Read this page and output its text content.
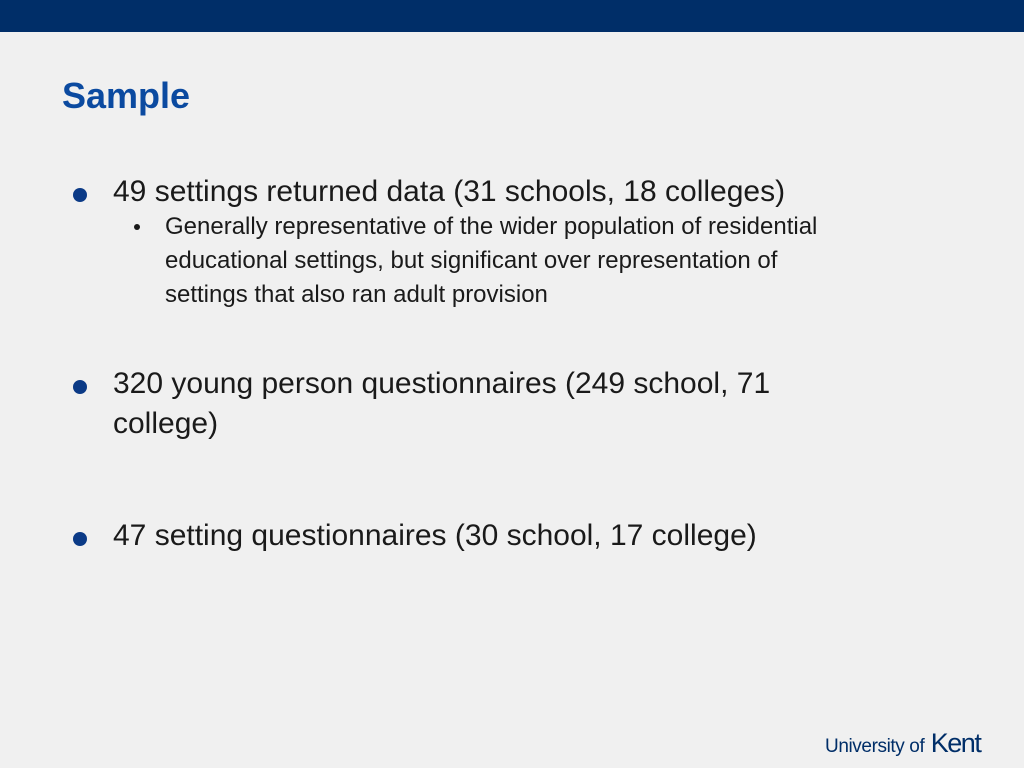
Sample
49 settings returned data (31 schools, 18 colleges)
Generally representative of the wider population of residential educational settings, but significant over representation of settings that also ran adult provision
320 young person questionnaires (249 school, 71 college)
47 setting questionnaires (30 school, 17 college)
University of Kent
